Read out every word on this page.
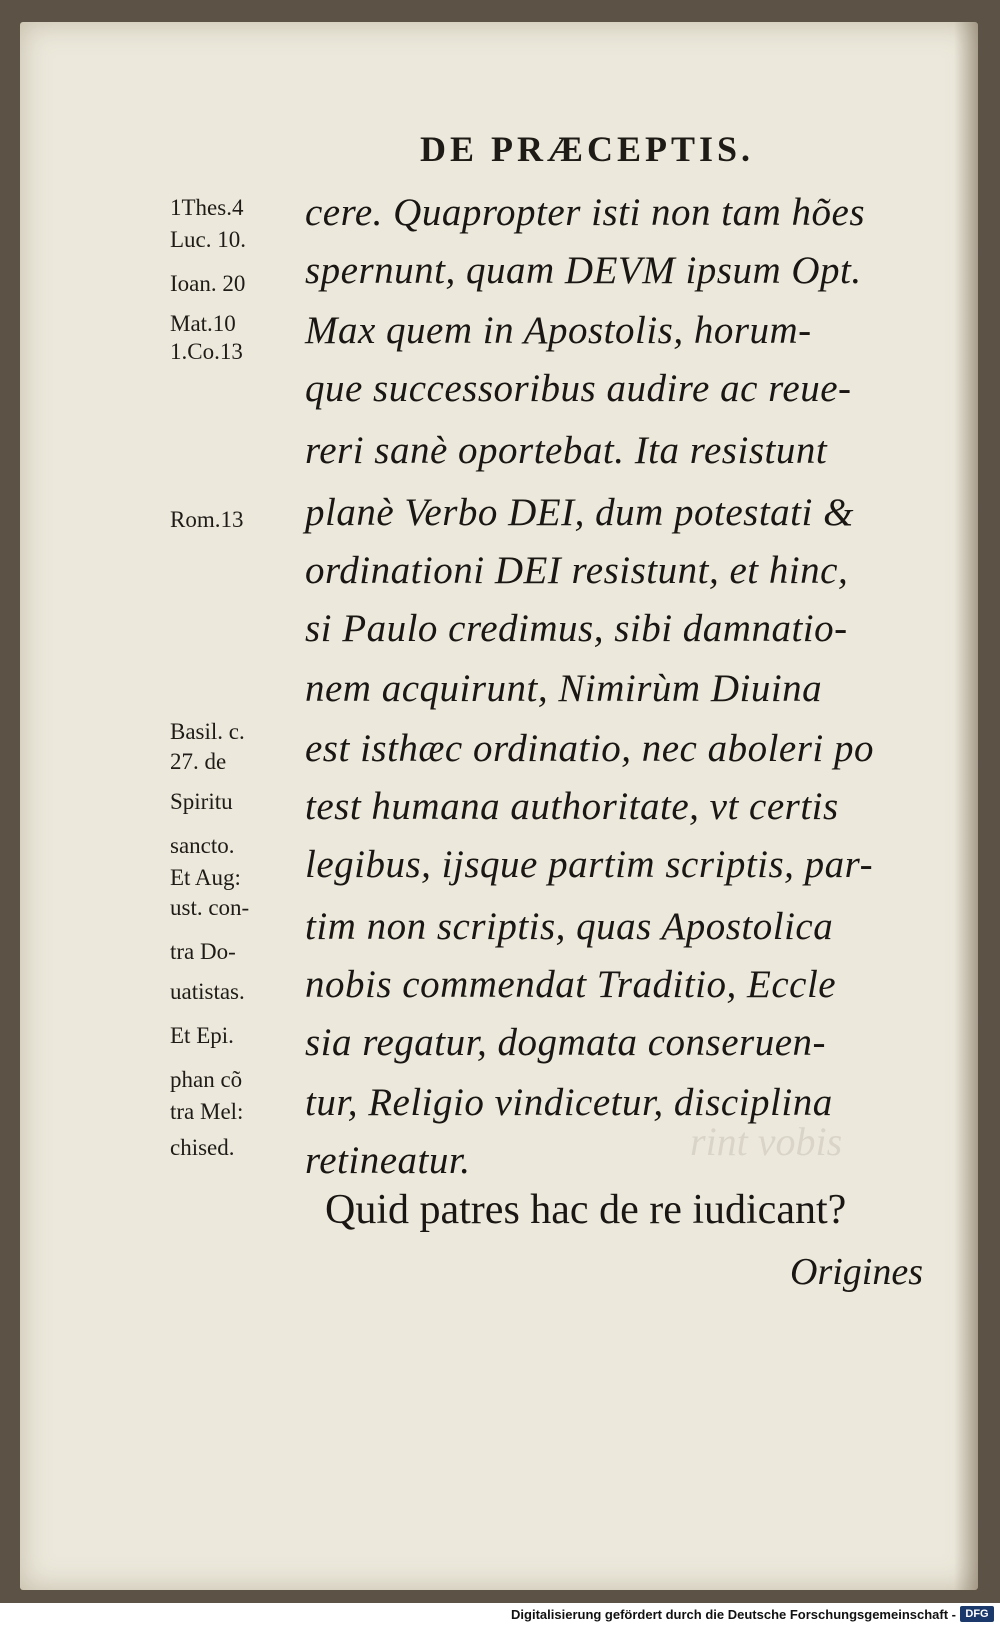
rint vobis
DE PRÆCEPTIS.
1Thes.4
Luc. 10.
Ioan. 20
Mat.10
1.Co.13
Rom.13
Basil. c.
27. de
Spiritu
sancto.
Et Aug:
ust. con-
tra Do-
uatistas.
Et Epi.
phan cõ
tra Mel:
chised.
cere. Quapropter isti non tam hões
spernunt, quam DEVM ipsum Opt.
Max quem in Apostolis, horum-
que successoribus audire ac reue-
reri sanè oportebat. Ita resistunt
planè Verbo DEI, dum potestati &
ordinationi DEI resistunt, et hinc,
si Paulo credimus, sibi damnatio-
nem acquirunt, Nimirùm Diuina
est isthæc ordinatio, nec aboleri po
test humana authoritate, vt certis
legibus, ijsque partim scriptis, par-
tim non scriptis, quas Apostolica
nobis commendat Traditio, Eccle
sia regatur, dogmata conseruen-
tur, Religio vindicetur, disciplina
retineatur.
Quid patres hac de re iudicant?
Origines
Digitalisierung gefördert durch die Deutsche Forschungsgemeinschaft - DFG
